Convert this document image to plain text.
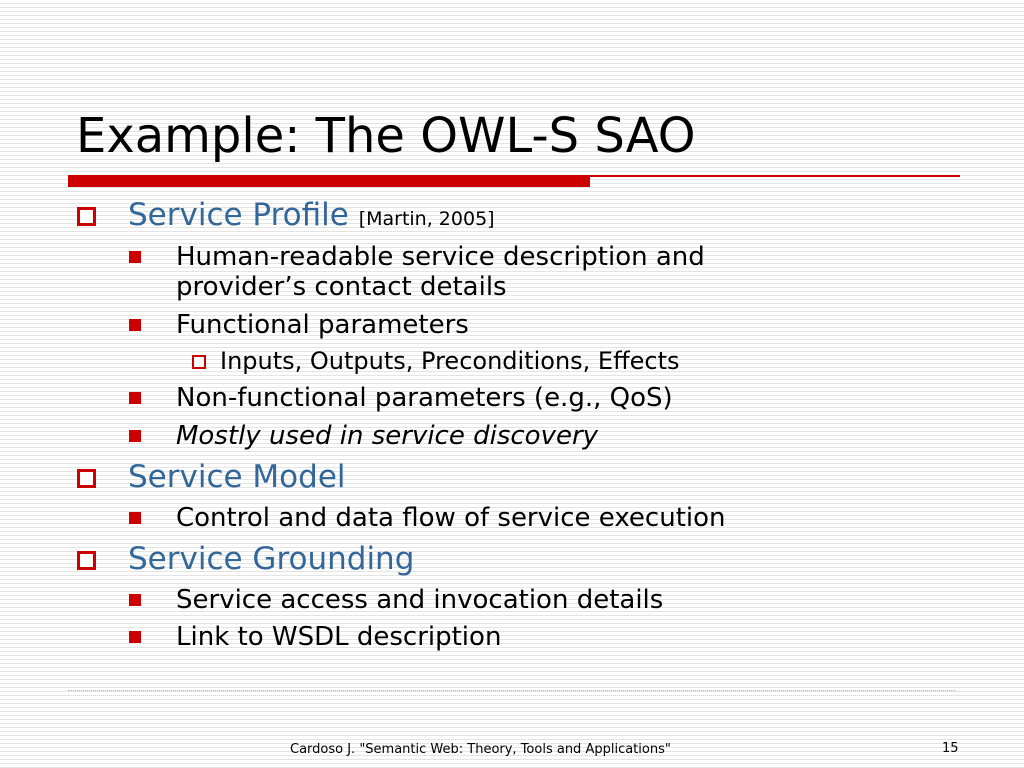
Example: The OWL-S SAO
Service Profile [Martin, 2005]
Human-readable service description and
provider’s contact details
Functional parameters
Inputs, Outputs, Preconditions, Effects
Non-functional parameters (e.g., QoS)
Mostly used in service discovery
Service Model
Control and data flow of service execution
Service Grounding
Service access and invocation details
Link to WSDL description
Cardoso J. "Semantic Web: Theory, Tools and Applications"	15
